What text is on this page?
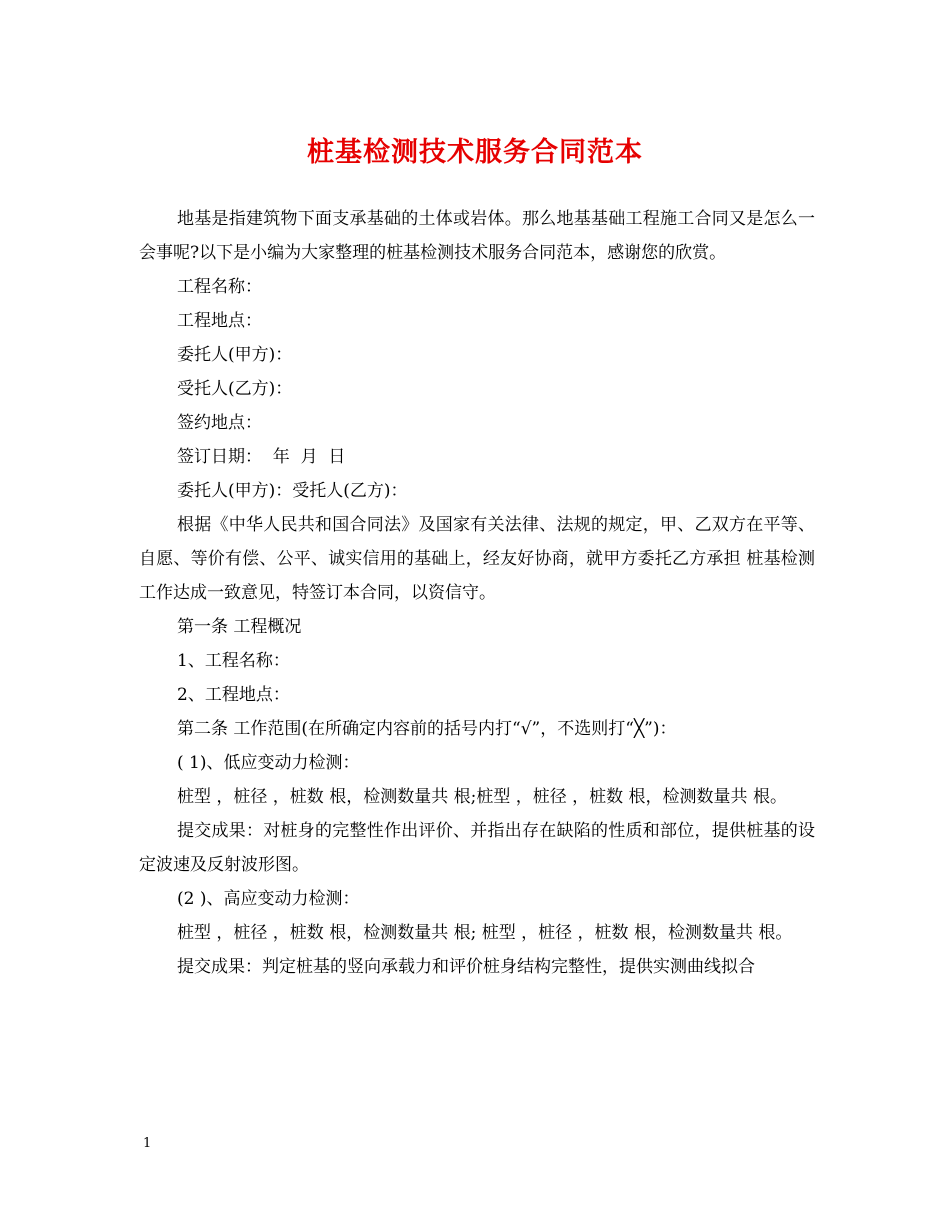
桩基检测技术服务合同范本

地基是指建筑物下面支承基础的土体或岩体。那么地基基础工程施工合同又是怎么一会事呢?以下是小编为大家整理的桩基检测技术服务合同范本，感谢您的欣赏。

工程名称：

工程地点：

委托人(甲方)：

受托人(乙方)：

签约地点：

签订日期：  年  月  日

委托人(甲方)：受托人(乙方)：

根据《中华人民共和国合同法》及国家有关法律、法规的规定，甲、乙双方在平等、自愿、等价有偿、公平、诚实信用的基础上，经友好协商，就甲方委托乙方承担 桩基检测工作达成一致意见，特签订本合同，以资信守。

第一条 工程概况

1、工程名称：

2、工程地点：

第二条 工作范围(在所确定内容前的括号内打“√”，不选则打“╳”)：

( 1)、低应变动力检测：

桩型 ，桩径 ，桩数 根，检测数量共 根;桩型 ，桩径 ，桩数 根，检测数量共 根。

提交成果：对桩身的完整性作出评价、并指出存在缺陷的性质和部位，提供桩基的设定波速及反射波形图。

(2 )、高应变动力检测：

桩型 ，桩径 ，桩数 根，检测数量共 根; 桩型 ，桩径 ，桩数 根，检测数量共 根。

提交成果：判定桩基的竖向承载力和评价桩身结构完整性，提供实测曲线拟合

1
